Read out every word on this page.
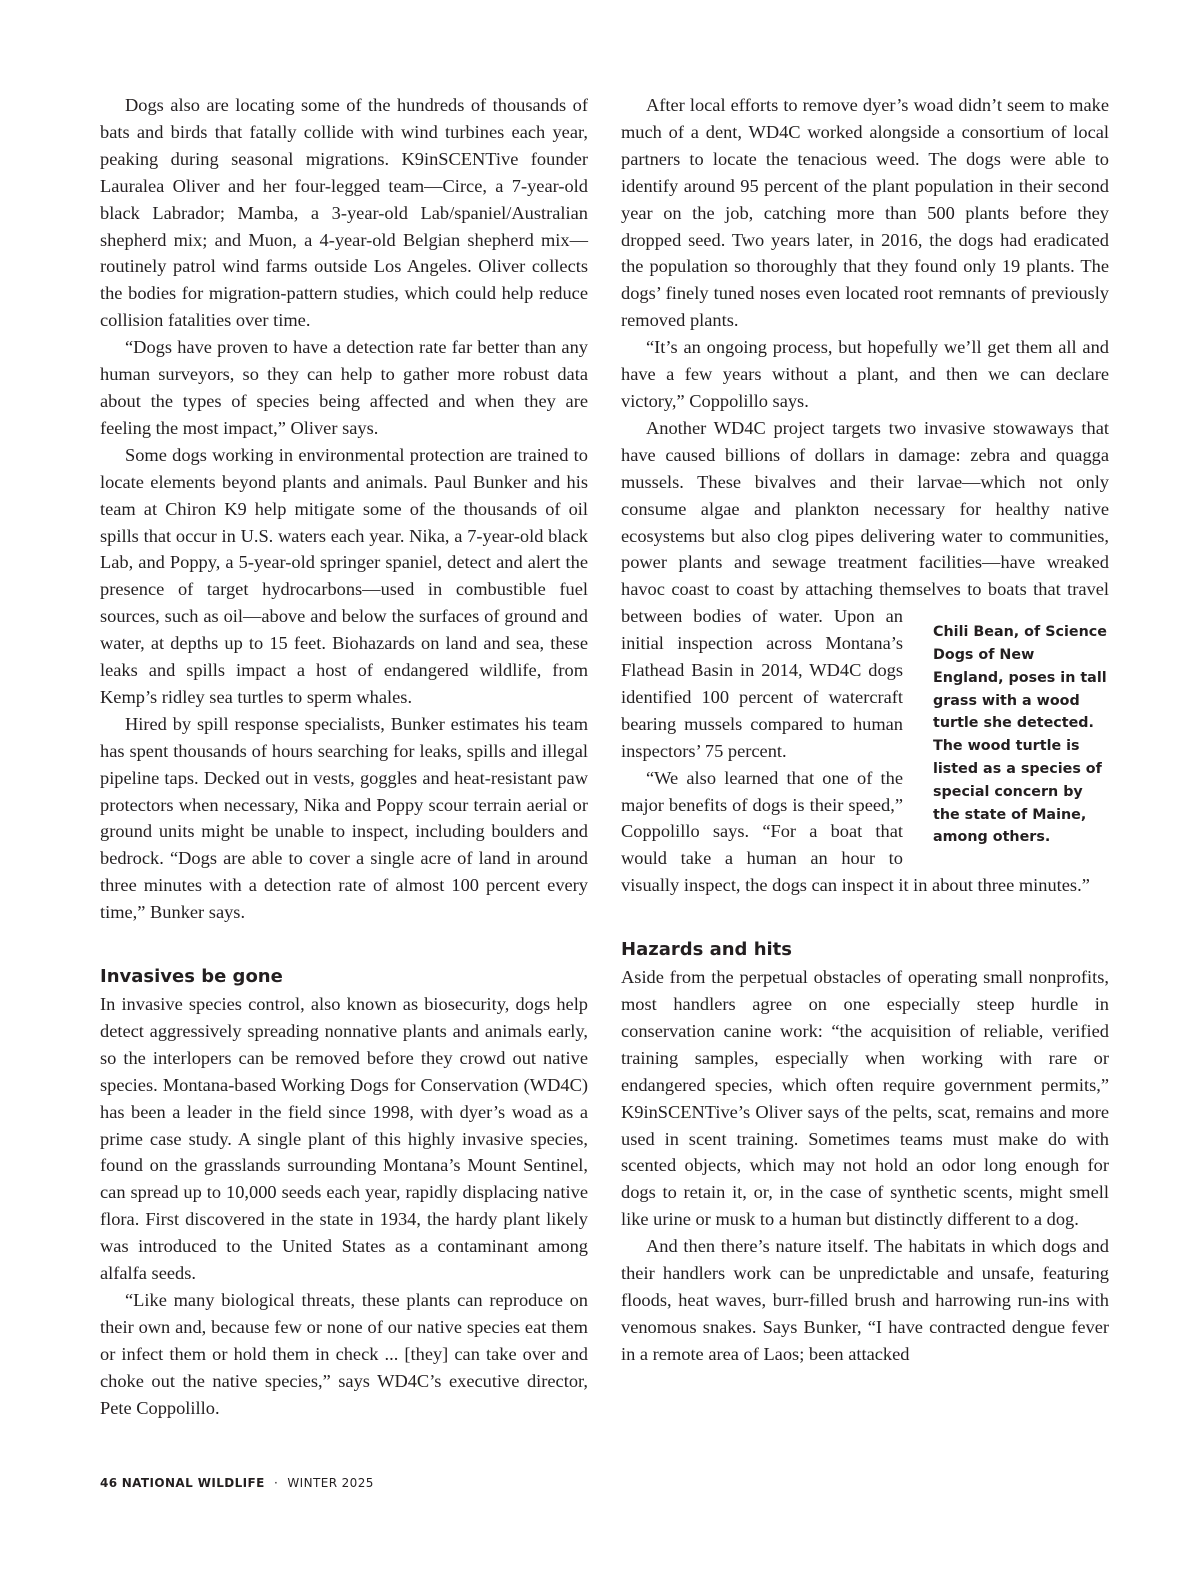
Dogs also are locating some of the hundreds of thousands of bats and birds that fatally collide with wind turbines each year, peaking during seasonal migrations. K9inSCENTive founder Lauralea Oliver and her four-legged team—Circe, a 7-year-old black Labrador; Mamba, a 3-year-old Lab/spaniel/Australian shepherd mix; and Muon, a 4-year-old Belgian shepherd mix—routinely patrol wind farms outside Los Angeles. Oliver collects the bodies for migration-pattern studies, which could help reduce collision fatalities over time.

“Dogs have proven to have a detection rate far better than any human surveyors, so they can help to gather more robust data about the types of species being affected and when they are feeling the most impact,” Oliver says.

Some dogs working in environmental protection are trained to locate elements beyond plants and animals. Paul Bunker and his team at Chiron K9 help mitigate some of the thousands of oil spills that occur in U.S. waters each year. Nika, a 7-year-old black Lab, and Poppy, a 5-year-old springer spaniel, detect and alert the presence of target hydrocarbons—used in combustible fuel sources, such as oil—above and below the surfaces of ground and water, at depths up to 15 feet. Biohazards on land and sea, these leaks and spills impact a host of endangered wildlife, from Kemp’s ridley sea turtles to sperm whales.

Hired by spill response specialists, Bunker estimates his team has spent thousands of hours searching for leaks, spills and illegal pipeline taps. Decked out in vests, goggles and heat-resistant paw protectors when necessary, Nika and Poppy scour terrain aerial or ground units might be unable to inspect, including boulders and bedrock. “Dogs are able to cover a single acre of land in around three minutes with a detection rate of almost 100 percent every time,” Bunker says.

Invasives be gone

In invasive species control, also known as biosecurity, dogs help detect aggressively spreading nonnative plants and animals early, so the interlopers can be removed before they crowd out native species. Montana-based Working Dogs for Conservation (WD4C) has been a leader in the field since 1998, with dyer’s woad as a prime case study. A single plant of this highly invasive species, found on the grasslands surrounding Montana’s Mount Sentinel, can spread up to 10,000 seeds each year, rapidly displacing native flora. First discovered in the state in 1934, the hardy plant likely was introduced to the United States as a contaminant among alfalfa seeds.

“Like many biological threats, these plants can reproduce on their own and, because few or none of our native species eat them or infect them or hold them in check ... [they] can take over and choke out the native species,” says WD4C’s executive director, Pete Coppolillo.

After local efforts to remove dyer’s woad didn’t seem to make much of a dent, WD4C worked alongside a consortium of local partners to locate the tenacious weed. The dogs were able to identify around 95 percent of the plant population in their second year on the job, catching more than 500 plants before they dropped seed. Two years later, in 2016, the dogs had eradicated the population so thoroughly that they found only 19 plants. The dogs’ finely tuned noses even located root remnants of previously removed plants.

“It’s an ongoing process, but hopefully we’ll get them all and have a few years without a plant, and then we can declare victory,” Coppolillo says.

Another WD4C project targets two invasive stowaways that have caused billions of dollars in damage: zebra and quagga mussels. These bivalves and their larvae—which not only consume algae and plankton necessary for healthy native ecosystems but also clog pipes delivering water to communities, power plants and sewage treatment facilities—have wreaked havoc coast to coast by attaching themselves to boats that travel between bodies
Chili Bean, of Science Dogs of New England, poses in tall grass with a wood turtle she detected. The wood turtle is listed as a species of special concern by the state of Maine, among others.
of water. Upon an initial inspection across Montana’s Flathead Basin in 2014, WD4C dogs identified 100 percent of watercraft bearing mussels compared to human inspectors’ 75 percent.

“We also learned that one of the major benefits of dogs is their speed,” Coppolillo says. “For a boat that would take a human an hour to visually inspect, the dogs can inspect it in about three minutes.”

Hazards and hits

Aside from the perpetual obstacles of operating small nonprofits, most handlers agree on one especially steep hurdle in conservation canine work: “the acquisition of reliable, verified training samples, especially when working with rare or endangered species, which often require government permits,” K9inSCENTive’s Oliver says of the pelts, scat, remains and more used in scent training. Sometimes teams must make do with scented objects, which may not hold an odor long enough for dogs to retain it, or, in the case of synthetic scents, might smell like urine or musk to a human but distinctly different to a dog.

And then there’s nature itself. The habitats in which dogs and their handlers work can be unpredictable and unsafe, featuring floods, heat waves, burr-filled brush and harrowing run-ins with venomous snakes. Says Bunker, “I have contracted dengue fever in a remote area of Laos; been attacked

46 NATIONAL WILDLIFE · WINTER 2025
